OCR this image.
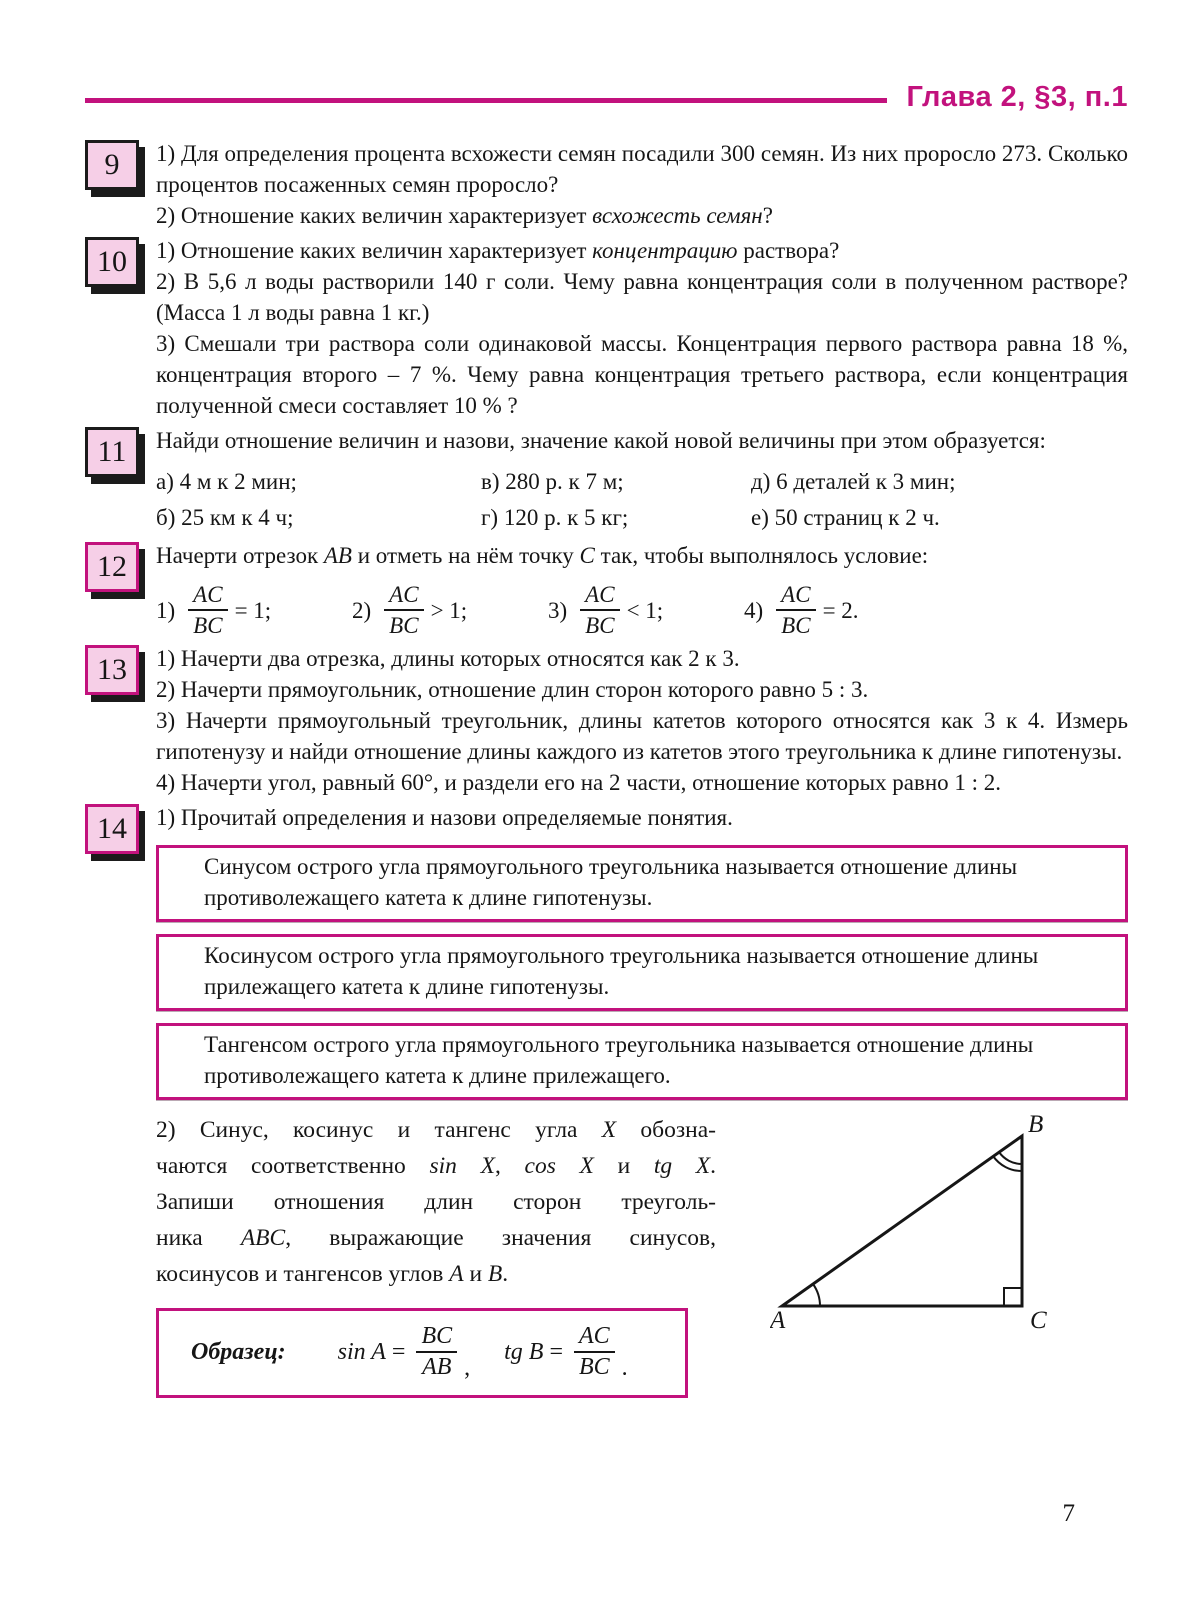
Глава 2, §3, п.1
9 1) Для определения процента всхожести семян посадили 300 семян. Из них проросло 273. Сколько процентов посаженных семян проросло?
2) Отношение каких величин характеризует всхожесть семян?
10 1) Отношение каких величин характеризует концентрацию раствора?
2) В 5,6 л воды растворили 140 г соли. Чему равна концентрация соли в полученном растворе? (Масса 1 л воды равна 1 кг.)
3) Смешали три раствора соли одинаковой массы. Концентрация первого раствора равна 18 %, концентрация второго – 7 %. Чему равна концентрация третьего раствора, если концентрация полученной смеси составляет 10 % ?
11 Найди отношение величин и назови, значение какой новой величины при этом образуется:
а) 4 м к 2 мин;	в) 280 р. к 7 м;	д) 6 деталей к 3 мин;
б) 25 км к 4 ч;	г) 120 р. к 5 кг;	е) 50 страниц к 2 ч.
12 Начерти отрезок AB и отметь на нём точку C так, чтобы выполнялось условие:
$1) \frac{AC}{BC} = 1$;	$2) \frac{AC}{BC} > 1$;	$3) \frac{AC}{BC} < 1$;	$4) \frac{AC}{BC} = 2$.
13 1) Начерти два отрезка, длины которых относятся как 2 к 3.
2) Начерти прямоугольник, отношение длин сторон которого равно 5 : 3.
3) Начерти прямоугольный треугольник, длины катетов которого относятся как 3 к 4. Измерь гипотенузу и найди отношение длины каждого из катетов этого треугольника к длине гипотенузы.
4) Начерти угол, равный 60°, и раздели его на 2 части, отношение которых равно 1 : 2.
14 1) Прочитай определения и назови определяемые понятия.
Синусом острого угла прямоугольного треугольника называется отношение длины противолежащего катета к длине гипотенузы.
Косинусом острого угла прямоугольного треугольника называется отношение длины прилежащего катета к длине гипотенузы.
Тангенсом острого угла прямоугольного треугольника называется отношение длины противолежащего катета к длине прилежащего.
2) Синус, косинус и тангенс угла X обозна-
чаются соответственно sin X, cos X и tg X.
Запиши отношения длин сторон треуголь-
ника ABC, выражающие значения синусов,
косинусов и тангенсов углов A и B.
Образец: $\sin A = \frac{BC}{AB}$ ,
tg $B = \frac{AC}{BC}$ .
A
B
C
7
